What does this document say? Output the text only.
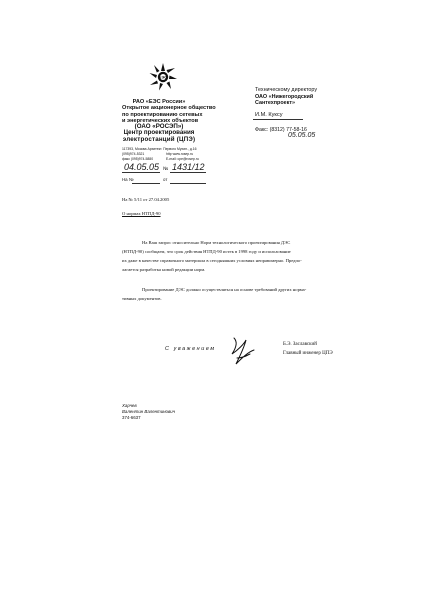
ЕЭС
РАО «ЕЭС России»
Открытое акционерное общество
по проектированию сетевых
и энергетических объектов
(ОАО «РОСЭП»)
Центр проектирования
электростанций (ЦПЭ)
117393, Москва Архитект. Первого Мухин., д.16
(095)974-5321	http www.rosep.ru
факс (095)974-5880	E-mail: cpe@rosep.ru
04.05.05 № 1431/12
На №	от
Техническому директору
ОАО «Нижегородский
Сантехпроект»
И.М. Куксу
Факс: (8312) 77-58-16
05.05.05
На № 5/11 от 27.04.2005
О нормах НТПД-90
На Ваш запрос относительно Норм технологического проектирования ДЭС
(НТПД-90) сообщаем, что срок действия НТПД-90 истек в 1998 году и использование
их даже в качестве справочного материала в сегодняшних условиях неправомерно. Предпо-
лагается разработка новой редакции норм.
Проектирование ДЭС должно осуществляться на основе требований других норма-
тивных документов.
С уважением
Б.Э. Заславский
Главный инженер ЦПЭ
Харчев
Валентин Валентинович
374-6637
